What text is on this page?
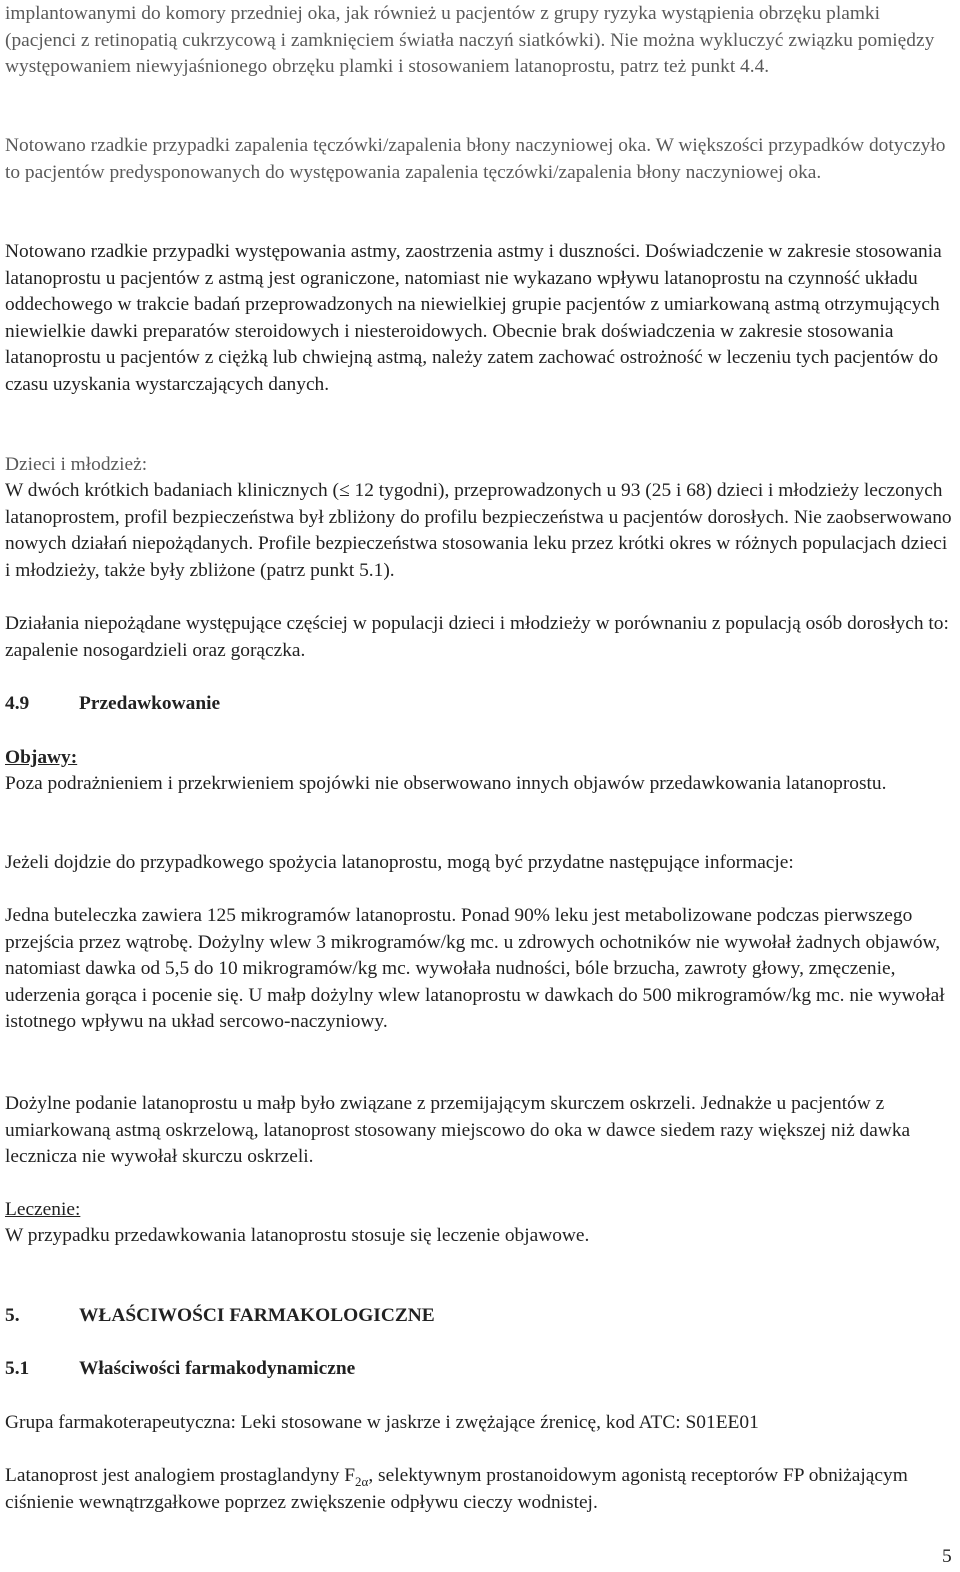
implantowanymi do komory przedniej oka, jak również u pacjentów z grupy ryzyka wystąpienia obrzęku plamki (pacjenci z retinopatią cukrzycową i zamknięciem światła naczyń siatkówki). Nie można wykluczyć związku pomiędzy występowaniem niewyjaśnionego obrzęku plamki i stosowaniem latanoprostu, patrz też punkt 4.4.

Notowano rzadkie przypadki zapalenia tęczówki/zapalenia błony naczyniowej oka. W większości przypadków dotyczyło to pacjentów predysponowanych do występowania zapalenia tęczówki/zapalenia błony naczyniowej oka.

Notowano rzadkie przypadki występowania astmy, zaostrzenia astmy i duszności. Doświadczenie w zakresie stosowania latanoprostu u pacjentów z astmą jest ograniczone, natomiast nie wykazano wpływu latanoprostu na czynność układu oddechowego w trakcie badań przeprowadzonych na niewielkiej grupie pacjentów z umiarkowaną astmą otrzymujących niewielkie dawki preparatów steroidowych i niesteroidowych. Obecnie brak doświadczenia w zakresie stosowania latanoprostu u pacjentów z ciężką lub chwiejną astmą, należy zatem zachować ostrożność w leczeniu tych pacjentów do czasu uzyskania wystarczających danych.

Dzieci i młodzież:

W dwóch krótkich badaniach klinicznych (≤ 12 tygodni), przeprowadzonych u 93 (25 i 68) dzieci i młodzieży leczonych latanoprostem, profil bezpieczeństwa był zbliżony do profilu bezpieczeństwa u pacjentów dorosłych. Nie zaobserwowano nowych działań niepożądanych. Profile bezpieczeństwa stosowania leku przez krótki okres w różnych populacjach dzieci i młodzieży, także były zbliżone (patrz punkt 5.1).

Działania niepożądane występujące częściej w populacji dzieci i młodzieży w porównaniu z populacją osób dorosłych to: zapalenie nosogardzieli oraz gorączka.

4.9	Przedawkowanie

Objawy:

Poza podrażnieniem i przekrwieniem spojówki nie obserwowano innych objawów przedawkowania latanoprostu.

Jeżeli dojdzie do przypadkowego spożycia latanoprostu, mogą być przydatne następujące informacje:

Jedna buteleczka zawiera 125 mikrogramów latanoprostu. Ponad 90% leku jest metabolizowane podczas pierwszego przejścia przez wątrobę. Dożylny wlew 3 mikrogramów/kg mc. u zdrowych ochotników nie wywołał żadnych objawów, natomiast dawka od 5,5 do 10 mikrogramów/kg mc. wywołała nudności, bóle brzucha, zawroty głowy, zmęczenie, uderzenia gorąca i pocenie się. U małp dożylny wlew latanoprostu w dawkach do 500 mikrogramów/kg mc. nie wywołał istotnego wpływu na układ sercowo-naczyniowy.

Dożylne podanie latanoprostu u małp było związane z przemijającym skurczem oskrzeli. Jednakże u pacjentów z umiarkowaną astmą oskrzelową, latanoprost stosowany miejscowo do oka w dawce siedem razy większej niż dawka lecznicza nie wywołał skurczu oskrzeli.

Leczenie:

W przypadku przedawkowania latanoprostu stosuje się leczenie objawowe.

5.	WŁAŚCIWOŚCI FARMAKOLOGICZNE

5.1	Właściwości farmakodynamiczne

Grupa farmakoterapeutyczna: Leki stosowane w jaskrze i zwężające źrenicę, kod ATC: S01EE01

Latanoprost jest analogiem prostaglandyny $F_{2\alpha}$, selektywnym prostanoidowym agonistą receptorów FP obniżającym ciśnienie wewnątrzgałkowe poprzez zwiększenie odpływu cieczy wodnistej.

5
